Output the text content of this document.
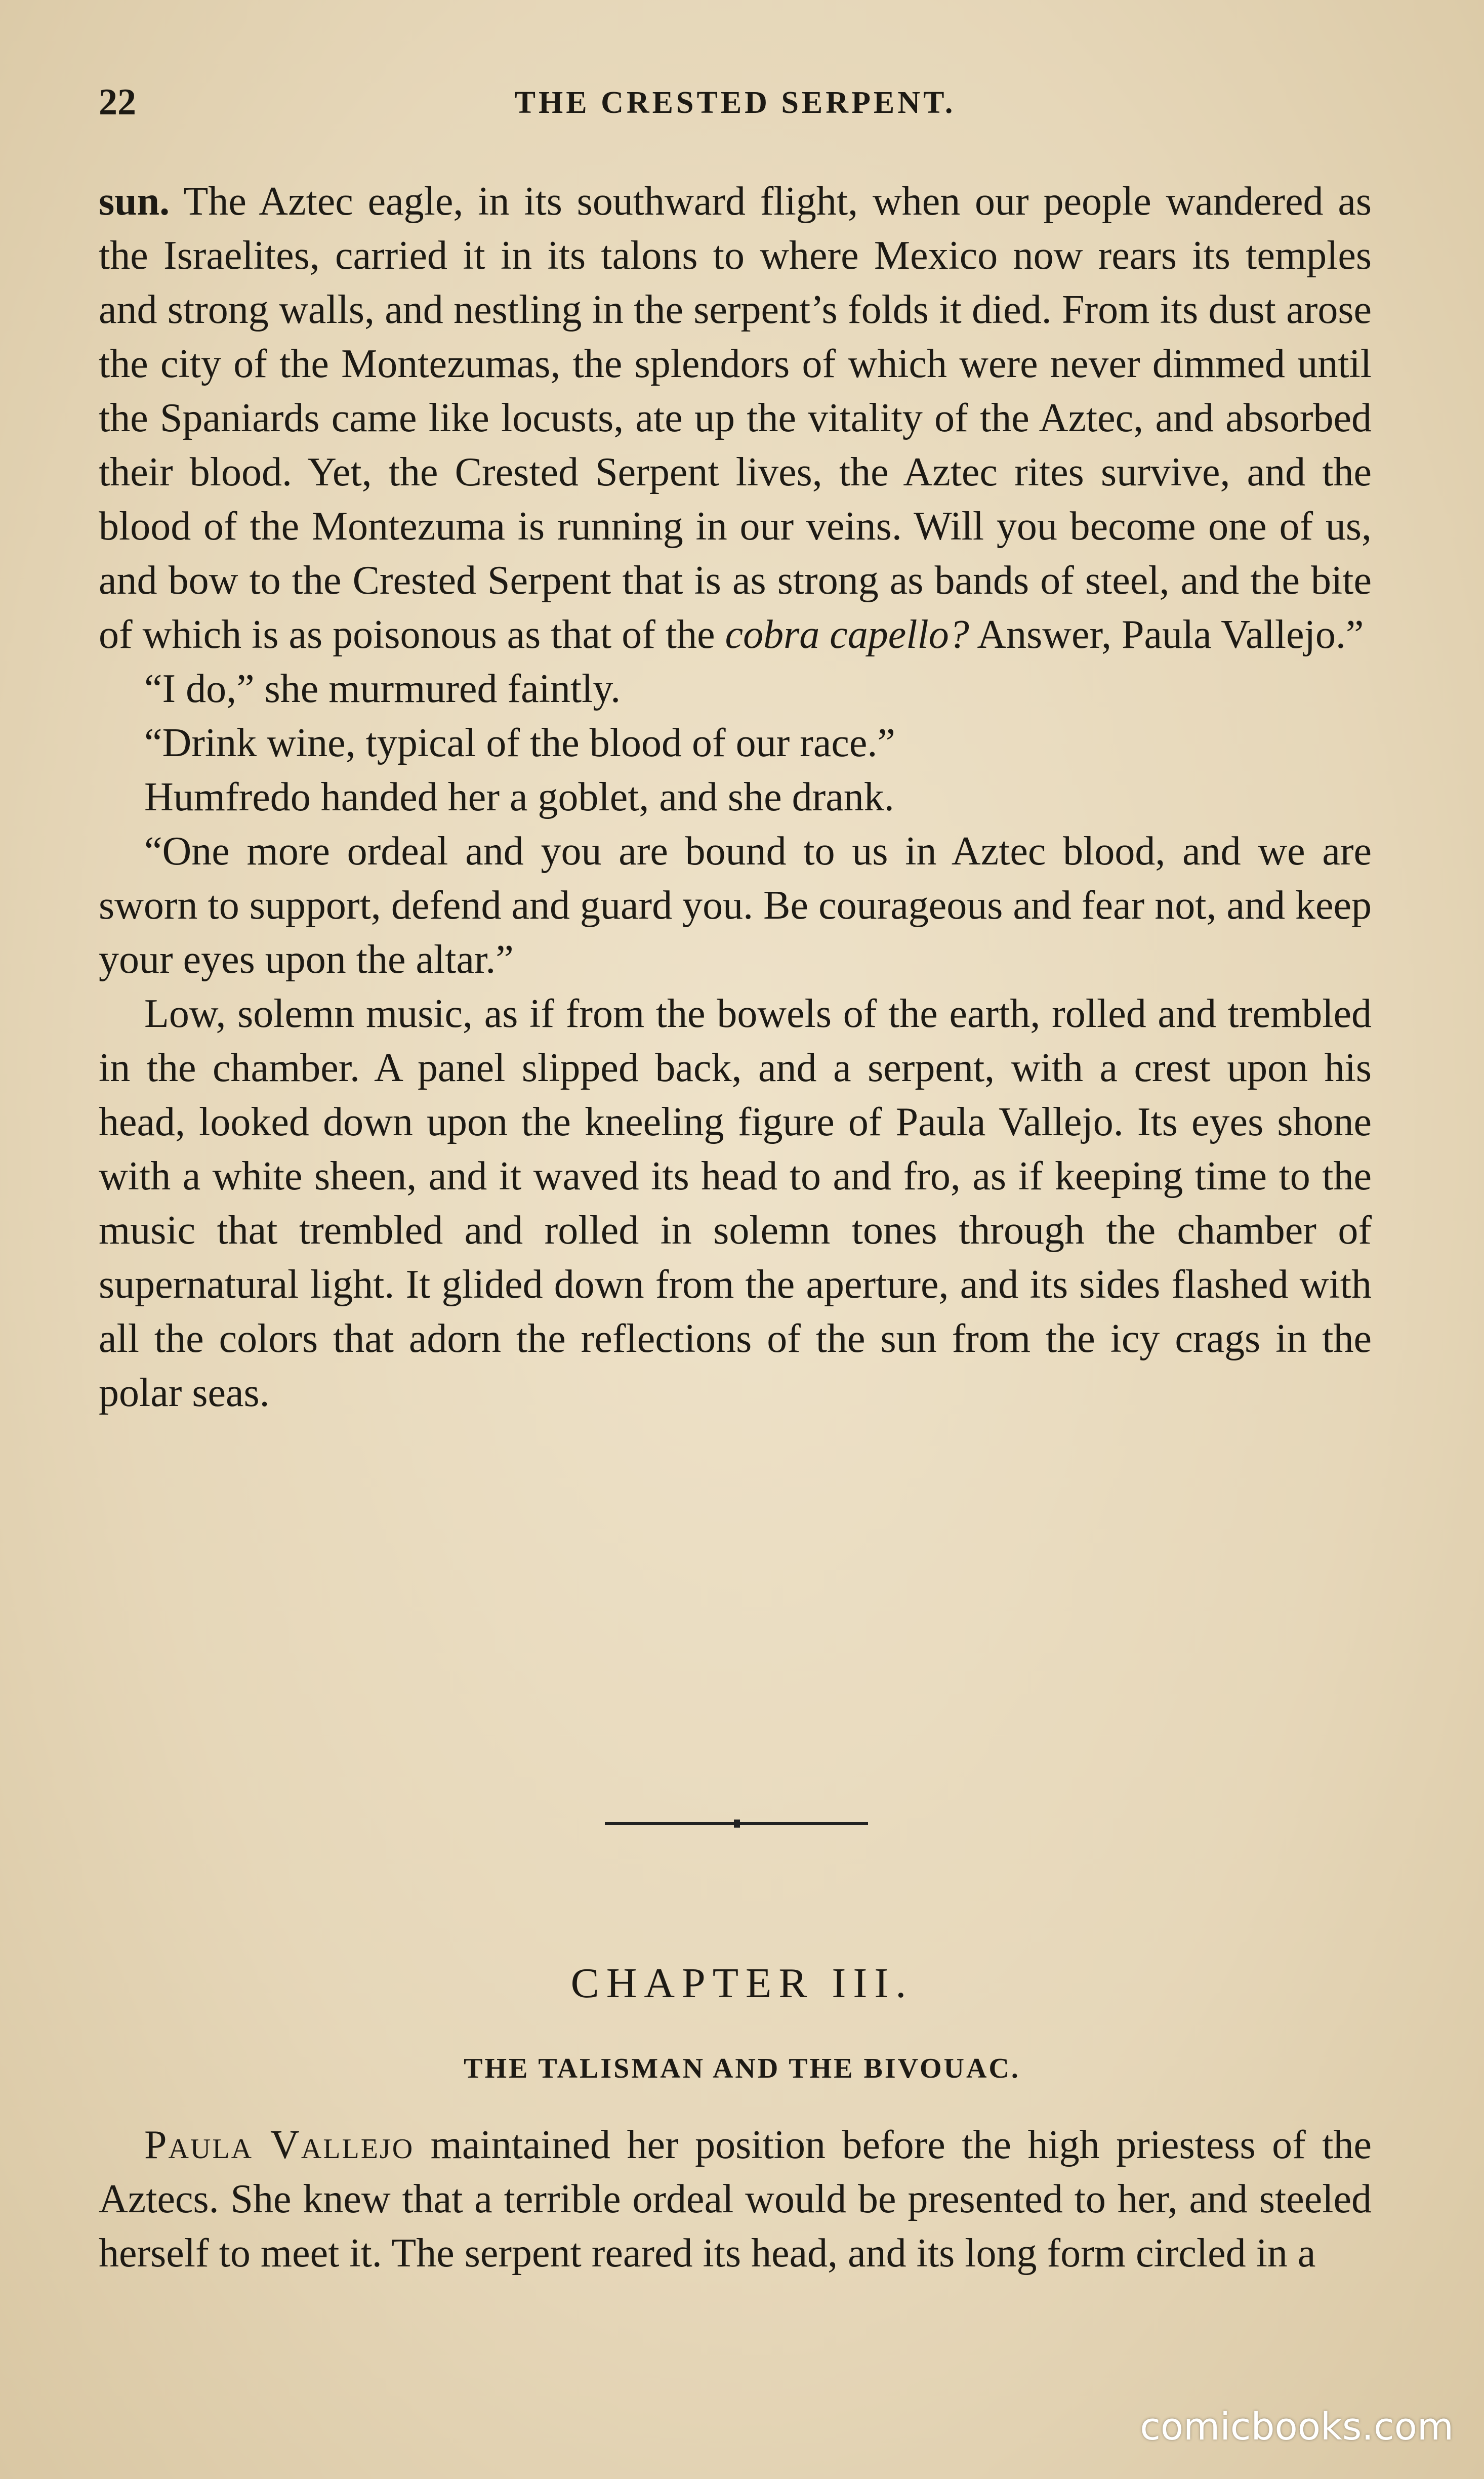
22	THE CRESTED SERPENT.

sun. The Aztec eagle, in its southward flight, when our people wandered as the Israelites, carried it in its talons to where Mexico now rears its temples and strong walls, and nestling in the serpent’s folds it died. From its dust arose the city of the Montezumas, the splendors of which were never dimmed until the Spaniards came like locusts, ate up the vitality of the Aztec, and absorbed their blood. Yet, the Crested Serpent lives, the Aztec rites survive, and the blood of the Montezuma is running in our veins. Will you become one of us, and bow to the Crested Serpent that is as strong as bands of steel, and the bite of which is as poisonous as that of the cobra capello? Answer, Paula Vallejo.”

“I do,” she murmured faintly.

“Drink wine, typical of the blood of our race.”

Humfredo handed her a goblet, and she drank.

“One more ordeal and you are bound to us in Aztec blood, and we are sworn to support, defend and guard you. Be courageous and fear not, and keep your eyes upon the altar.”

Low, solemn music, as if from the bowels of the earth, rolled and trembled in the chamber. A panel slipped back, and a serpent, with a crest upon his head, looked down upon the kneeling figure of Paula Vallejo. Its eyes shone with a white sheen, and it waved its head to and fro, as if keeping time to the music that trembled and rolled in solemn tones through the chamber of supernatural light. It glided down from the aperture, and its sides flashed with all the colors that adorn the reflections of the sun from the icy crags in the polar seas.

CHAPTER III.
THE TALISMAN AND THE BIVOUAC.

Paula Vallejo maintained her position before the high priestess of the Aztecs. She knew that a terrible ordeal would be presented to her, and steeled herself to meet it. The serpent reared its head, and its long form circled in a

comicbooks.com
